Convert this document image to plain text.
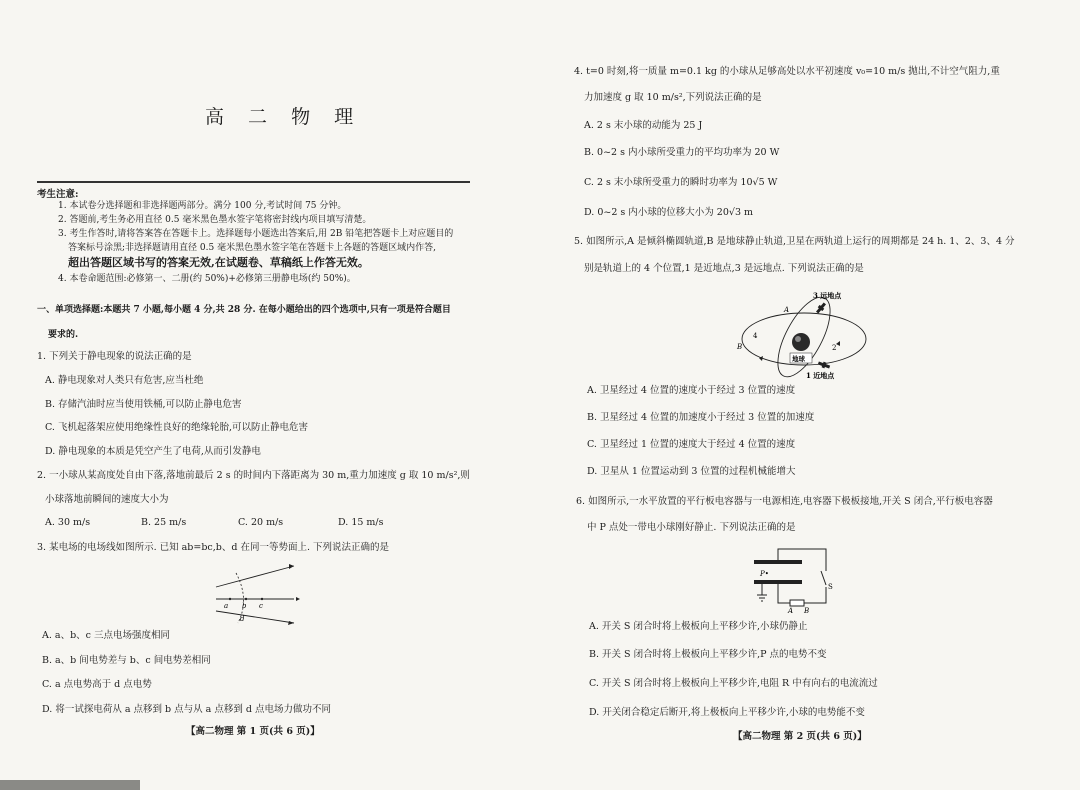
高 二 物 理
考生注意:
1. 本试卷分选择题和非选择题两部分。满分 100 分,考试时间 75 分钟。
2. 答题前,考生务必用直径 0.5 毫米黑色墨水签字笔将密封线内项目填写清楚。
3. 考生作答时,请将答案答在答题卡上。选择题每小题选出答案后,用 2B 铅笔把答题卡上对应题目的
答案标号涂黑;非选择题请用直径 0.5 毫米黑色墨水签字笔在答题卡上各题的答题区域内作答,
超出答题区域书写的答案无效,在试题卷、草稿纸上作答无效。
4. 本卷命题范围:必修第一、二册(约 50%)+必修第三册静电场(约 50%)。
一、单项选择题:本题共 7 小题,每小题 4 分,共 28 分. 在每小题给出的四个选项中,只有一项是符合题目
要求的.
1. 下列关于静电现象的说法正确的是
A. 静电现象对人类只有危害,应当杜绝
B. 存储汽油时应当使用铁桶,可以防止静电危害
C. 飞机起落架应使用绝缘性良好的绝缘轮胎,可以防止静电危害
D. 静电现象的本质是凭空产生了电荷,从而引发静电
2. 一小球从某高度处自由下落,落地前最后 2 s 的时间内下落距离为 30 m,重力加速度 g 取 10 m/s²,则
小球落地前瞬间的速度大小为
A. 30 m/s	B. 25 m/s	C. 20 m/s	D. 15 m/s
3. 某电场的电场线如图所示. 已知 ab=bc,b、d 在同一等势面上. 下列说法正确的是
a b c
d
A. a、b、c 三点电场强度相同
B. a、b 间电势差与 b、c 间电势差相同
C. a 点电势高于 d 点电势
D. 将一试探电荷从 a 点移到 b 点与从 a 点移到 d 点电场力做功不同
【高二物理 第 1 页(共 6 页)】
4. t=0 时刻,将一质量 m=0.1 kg 的小球从足够高处以水平初速度 v₀=10 m/s 抛出,不计空气阻力,重
力加速度 g 取 10 m/s²,下列说法正确的是
A. 2 s 末小球的动能为 25 J
B. 0~2 s 内小球所受重力的平均功率为 20 W
C. 2 s 末小球所受重力的瞬时功率为 10√5 W
D. 0~2 s 内小球的位移大小为 20√3 m
5. 如图所示,A 是倾斜椭圆轨道,B 是地球静止轨道,卫星在两轨道上运行的周期都是 24 h. 1、2、3、4 分
别是轨道上的 4 个位置,1 是近地点,3 是远地点. 下列说法正确的是
地球
3 远地点
1 近地点
A
B	2
4
A. 卫星经过 4 位置的速度小于经过 3 位置的速度
B. 卫星经过 4 位置的加速度小于经过 3 位置的加速度
C. 卫星经过 1 位置的速度大于经过 4 位置的速度
D. 卫星从 1 位置运动到 3 位置的过程机械能增大
6. 如图所示,一水平放置的平行板电容器与一电源相连,电容器下极板接地,开关 S 闭合,平行板电容器
中 P 点处一带电小球刚好静止. 下列说法正确的是
P•
S
A B
A. 开关 S 闭合时将上极板向上平移少许,小球仍静止
B. 开关 S 闭合时将上极板向上平移少许,P 点的电势不变
C. 开关 S 闭合时将上极板向上平移少许,电阻 R 中有向右的电流流过
D. 开关闭合稳定后断开,将上极板向上平移少许,小球的电势能不变
【高二物理 第 2 页(共 6 页)】
